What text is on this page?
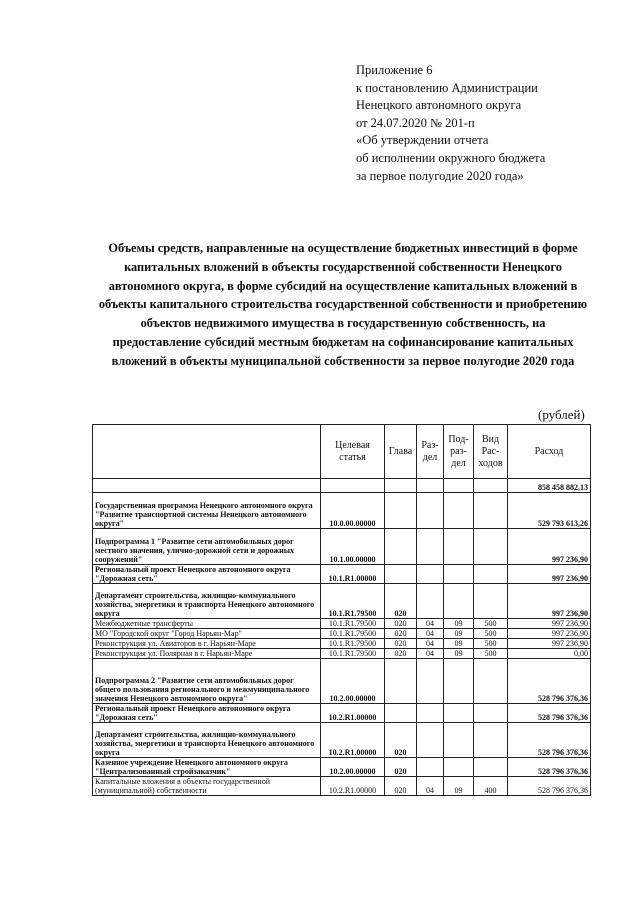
Приложение 6
к постановлению Администрации
Ненецкого автономного округа
от 24.07.2020 № 201-п
«Об утверждении отчета
об исполнении окружного бюджета
за первое полугодие 2020 года»
Объемы средств, направленные на осуществление бюджетных инвестиций в форме капитальных вложений в объекты государственной собственности Ненецкого автономного округа, в форме субсидий на осуществление капитальных вложений в объекты капитального строительства государственной собственности и приобретению объектов недвижимого имущества в государственную собственность, на предоставление субсидий местным бюджетам на софинансирование капитальных вложений в объекты муниципальной собственности за первое полугодие 2020 года
(рублей)
	Целевая статья	Глава	Раз-дел	Под-раз-дел	Вид Рас-ходов	Расход
						858 458 882,13
Государственная программа Ненецкого автономного округа "Развитие транспортной системы Ненецкого автономного округа"	10.0.00.00000					529 793 613,26
Подпрограмма 1 "Развитие сети автомобильных дорог местного значения, улично-дорожной сети и дорожных сооружений"	10.1.00.00000					997 236,90
Региональный проект Ненецкого автономного округа "Дорожная сеть"	10.1.R1.00000					997 236,90
Департамент строительства, жилищно-коммунального хозяйства, энергетики и транспорта Ненецкого автономного округа	10.1.R1.79500	020				997 236,90
Межбюджетные трансферты	10.1.R1.79500	020	04	09	500	997 236,90
МО "Городской округ "Город Нарьян-Мар"	10.1.R1.79500	020	04	09	500	997 236,90
Реконструкция ул. Авиаторов в г. Нарьян-Маре	10.1.R1.79500	020	04	09	500	997 236,90
Реконструкция ул. Полярная в г. Нарьян-Маре	10.1.R1.79500	020	04	09	500	0,00
Подпрограмма 2 "Развитие сети автомобильных дорог общего пользования регионального и межмуниципального значения Ненецкого автономного округа"	10.2.00.00000					528 796 376,36
Региональный проект Ненецкого автономного округа "Дорожная сеть"	10.2.R1.00000					528 796 376,36
Департамент строительства, жилищно-коммунального хозяйства, энергетики и транспорта Ненецкого автономного округа	10.2.R1.00000	020				528 796 376,36
Казенное учреждение Ненецкого автономного округа "Централизованный стройзаказчик"	10.2.00.00000	020				528 796 376,36
Капитальные вложения в объекты государственной (муниципальной) собственности	10.2.R1.00000	020	04	09	400	528 796 376,36
